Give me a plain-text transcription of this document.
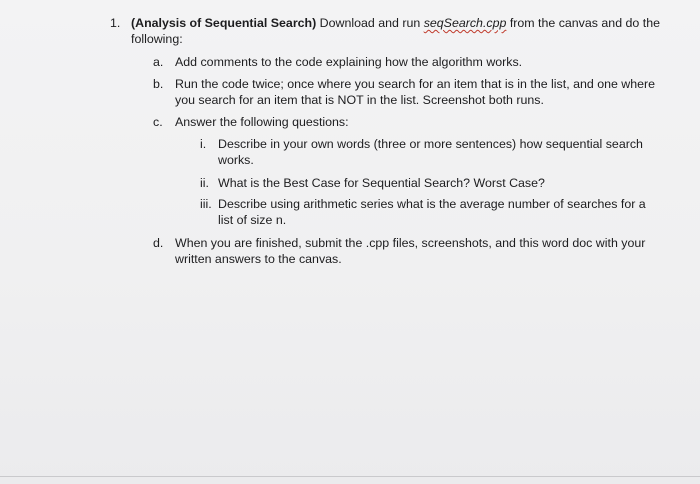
1. (Analysis of Sequential Search) Download and run seqSearch.cpp from the canvas and do the
following:
a. Add comments to the code explaining how the algorithm works.
b. Run the code twice; once where you search for an item that is in the list, and one where
you search for an item that is NOT in the list. Screenshot both runs.
c. Answer the following questions:
i. Describe in your own words (three or more sentences) how sequential search
works.
ii. What is the Best Case for Sequential Search? Worst Case?
iii. Describe using arithmetic series what is the average number of searches for a
list of size n.
d. When you are finished, submit the .cpp files, screenshots, and this word doc with your
written answers to the canvas.
